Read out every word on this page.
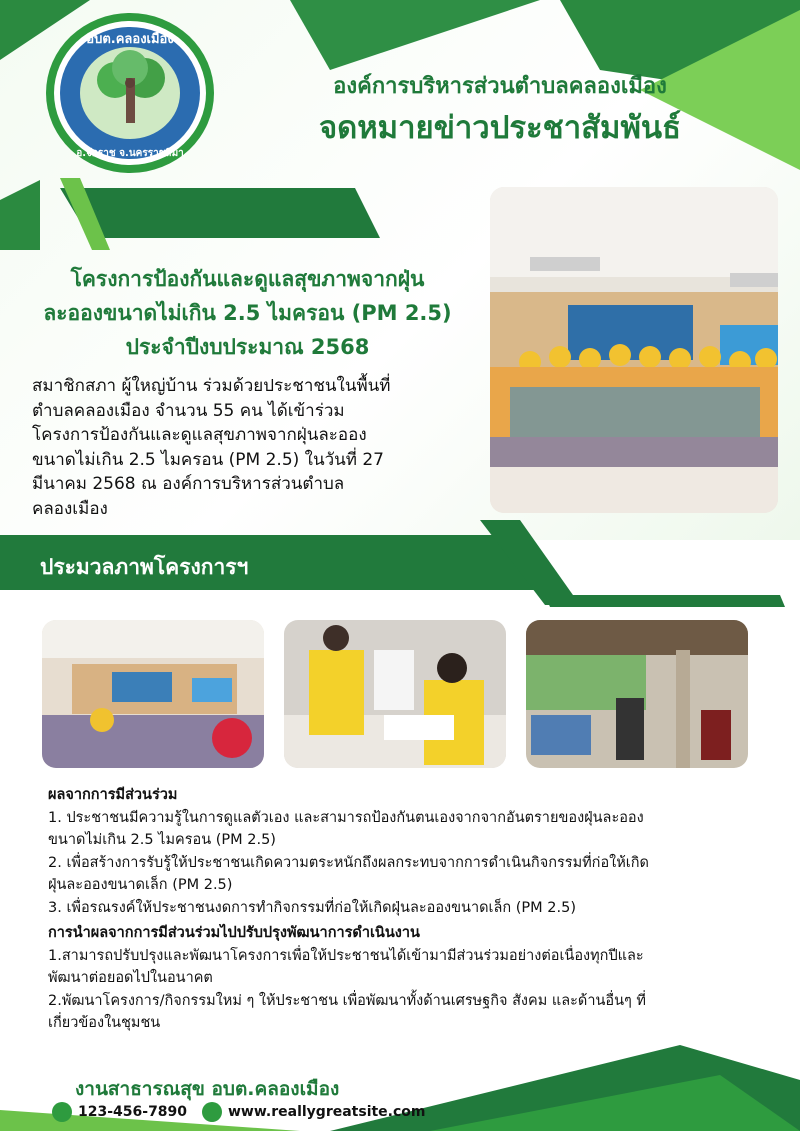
อบต.คลองเมือง
อ.จักราช จ.นครราชสีมา
องค์การบริหารส่วนตำบลคลองเมือง
จดหมายข่าวประชาสัมพันธ์
โครงการป้องกันและดูแลสุขภาพจากฝุ่น
ละอองขนาดไม่เกิน 2.5 ไมครอน (PM 2.5)
ประจำปีงบประมาณ 2568
สมาชิกสภา ผู้ใหญ่บ้าน ร่วมด้วยประชาชนในพื้นที่
ตำบลคลองเมือง จำนวน 55 คน ได้เข้าร่วม
โครงการป้องกันและดูแลสุขภาพจากฝุ่นละออง
ขนาดไม่เกิน 2.5 ไมครอน (PM 2.5) ในวันที่ 27
มีนาคม 2568 ณ องค์การบริหารส่วนตำบล
คลองเมือง
ประมวลภาพโครงการฯ
ผลจากการมีส่วนร่วม
1. ประชาชนมีความรู้ในการดูแลตัวเอง และสามารถป้องกันตนเองจากจากอันตรายของฝุ่นละออง
ขนาดไม่เกิน 2.5 ไมครอน (PM 2.5)
2. เพื่อสร้างการรับรู้ให้ประชาชนเกิดความตระหนักถึงผลกระทบจากการดำเนินกิจกรรมที่ก่อให้เกิด
ฝุ่นละอองขนาดเล็ก (PM 2.5)
3. เพื่อรณรงค์ให้ประชาชนงดการทำกิจกรรมที่ก่อให้เกิดฝุ่นละอองขนาดเล็ก (PM 2.5)
การนำผลจากการมีส่วนร่วมไปปรับปรุงพัฒนาการดำเนินงาน
1.สามารถปรับปรุงและพัฒนาโครงการเพื่อให้ประชาชนได้เข้ามามีส่วนร่วมอย่างต่อเนื่องทุกปีและ
พัฒนาต่อยอดไปในอนาคต
2.พัฒนาโครงการ/กิจกรรมใหม่ ๆ ให้ประชาชน เพื่อพัฒนาทั้งด้านเศรษฐกิจ สังคม และด้านอื่นๆ ที่
เกี่ยวข้องในชุมชน
งานสาธารณสุข อบต.คลองเมือง
123-456-7890	www.reallygreatsite.com
